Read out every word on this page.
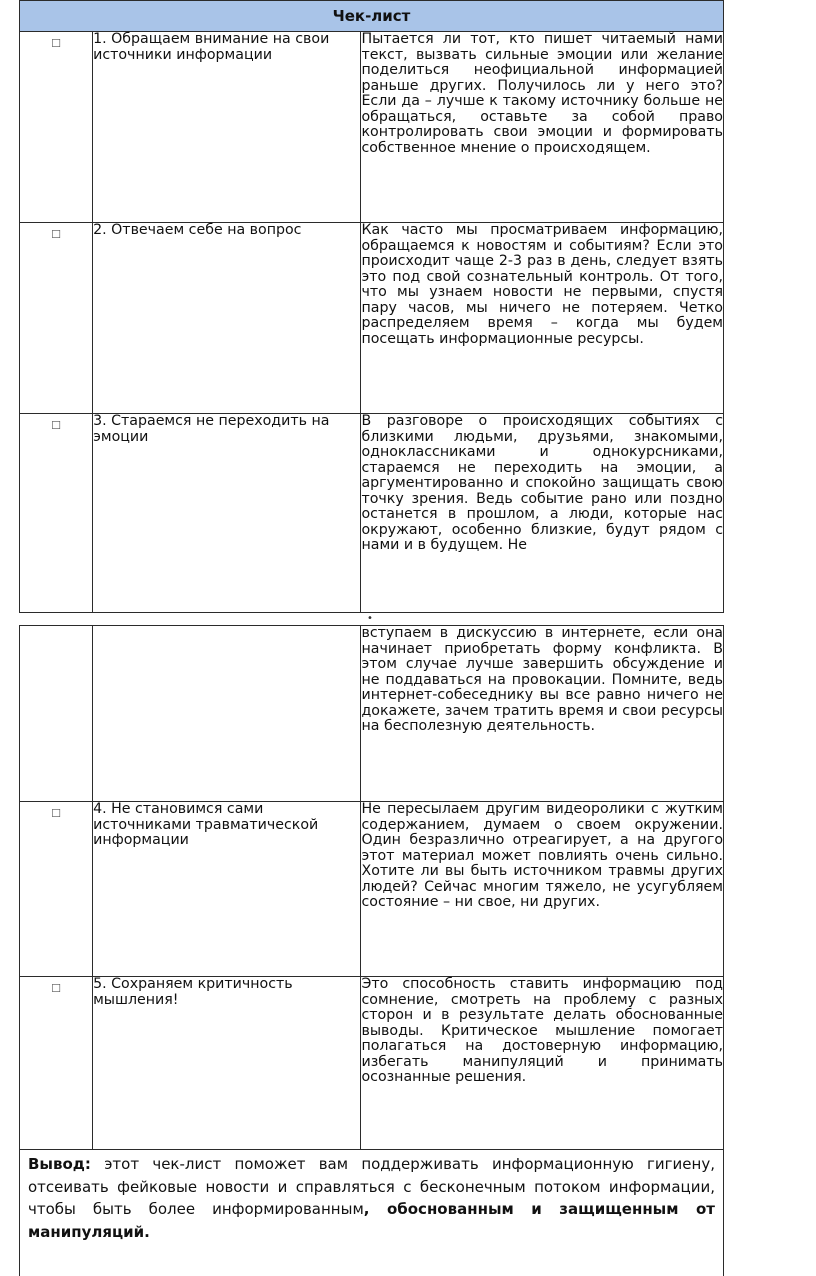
Чек-лист		
☐	1. Обращаем внимание на свои источники информации	Пытается ли тот, кто пишет читаемый нами текст, вызвать сильные эмоции или желание поделиться неофициальной информацией раньше других. Получилось ли у него это? Если да – лучше к такому источнику больше не обращаться, оставьте за собой право контролировать свои эмоции и формировать собственное мнение о происходящем.
☐	2. Отвечаем себе на вопрос	Как часто мы просматриваем информацию, обращаемся к новостям и событиям? Если это происходит чаще 2-3 раз в день, следует взять это под свой сознательный контроль. От того, что мы узнаем новости не первыми, спустя пару часов, мы ничего не потеряем. Четко распределяем время – когда мы будем посещать информационные ресурсы.
☐	3. Стараемся не переходить на эмоции	В разговоре о происходящих событиях с близкими людьми, друзьями, знакомыми, одноклассниками и однокурсниками, стараемся не переходить на эмоции, а аргументированно и спокойно защищать свою точку зрения. Ведь событие рано или поздно останется в прошлом, а люди, которые нас окружают, особенно близкие, будут рядом с нами и в будущем. Не
•
		вступаем в дискуссию в интернете, если она начинает приобретать форму конфликта. В этом случае лучше завершить обсуждение и не поддаваться на провокации. Помните, ведь интернет-собеседнику вы все равно ничего не докажете, зачем тратить время и свои ресурсы на бесполезную деятельность.
☐	4. Не становимся сами источниками травматической информации	Не пересылаем другим видеоролики с жутким содержанием, думаем о своем окружении. Один безразлично отреагирует, а на другого этот материал может повлиять очень сильно. Хотите ли вы быть источником травмы других людей? Сейчас многим тяжело, не усугубляем состояние – ни свое, ни других.
☐	5. Сохраняем критичность мышления!	Это способность ставить информацию под сомнение, смотреть на проблему с разных сторон и в результате делать обоснованные выводы. Критическое мышление помогает полагаться на достоверную информацию, избегать манипуляций и принимать осознанные решения.
Вывод: этот чек-лист поможет вам поддерживать информационную гигиену, отсеивать фейковые новости и справляться с бесконечным потоком информации, чтобы быть более информированным, обоснованным и защищенным от манипуляций.
